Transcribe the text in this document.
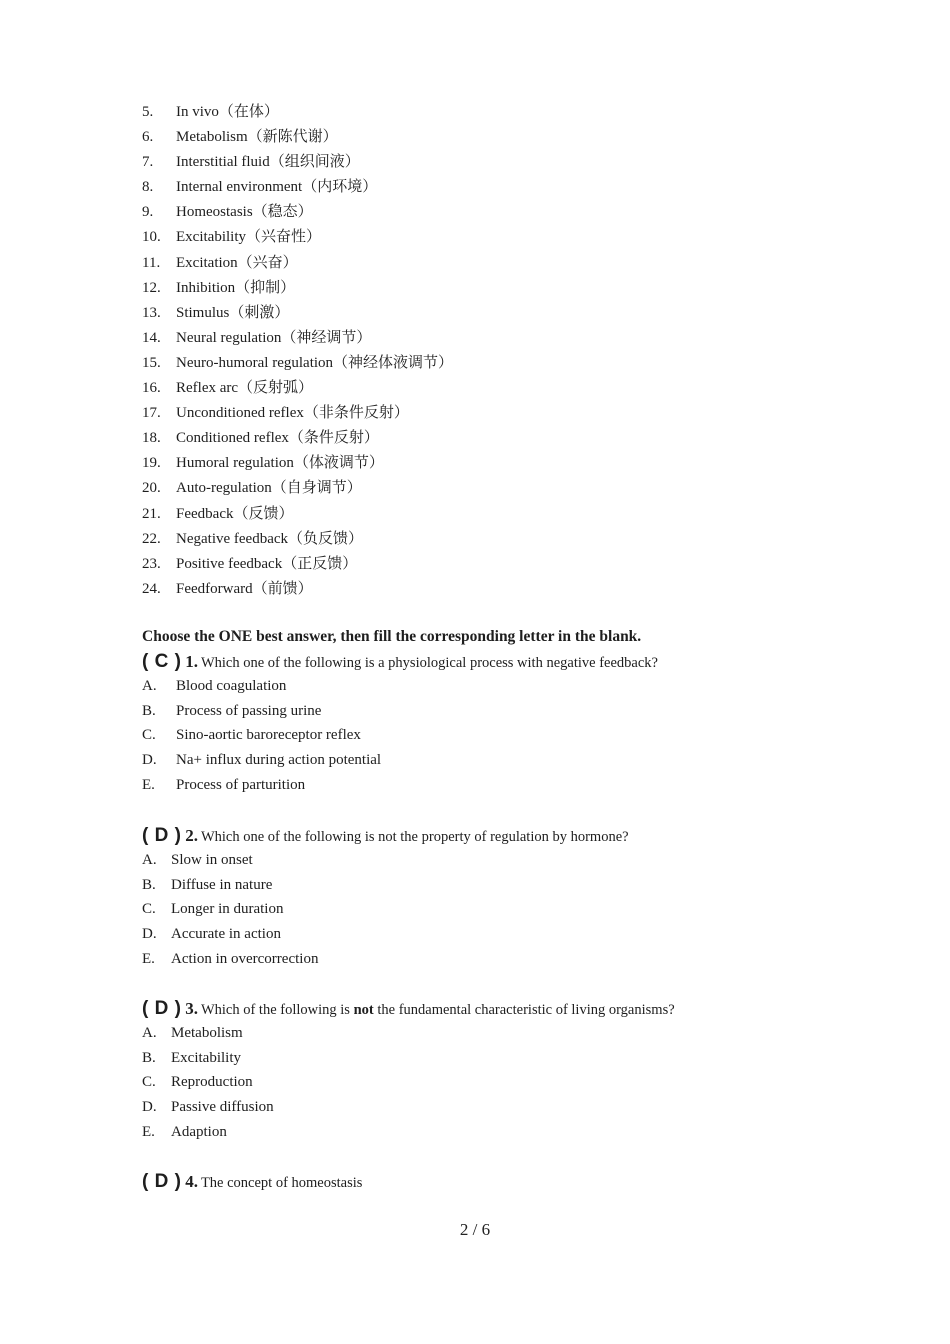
5. In vivo（在体）
6. Metabolism（新陈代谢）
7. Interstitial fluid（组织间液）
8. Internal environment（内环境）
9. Homeostasis（稳态）
10. Excitability（兴奋性）
11. Excitation（兴奋）
12. Inhibition（抑制）
13. Stimulus（刺激）
14. Neural regulation（神经调节）
15. Neuro-humoral regulation（神经体液调节）
16. Reflex arc（反射弧）
17. Unconditioned reflex（非条件反射）
18. Conditioned reflex（条件反射）
19. Humoral regulation（体液调节）
20. Auto-regulation（自身调节）
21. Feedback（反馈）
22. Negative feedback（负反馈）
23. Positive feedback（正反馈）
24. Feedforward（前馈）
Choose the ONE best answer, then fill the corresponding letter in the blank.
( C ) 1. Which one of the following is a physiological process with negative feedback?
A. Blood coagulation
B. Process of passing urine
C. Sino-aortic baroreceptor reflex
D. Na+ influx during action potential
E. Process of parturition
( D ) 2. Which one of the following is not the property of regulation by hormone?
A. Slow in onset
B. Diffuse in nature
C. Longer in duration
D. Accurate in action
E. Action in overcorrection
( D ) 3. Which of the following is not the fundamental characteristic of living organisms?
A. Metabolism
B. Excitability
C. Reproduction
D. Passive diffusion
E. Adaption
( D ) 4. The concept of homeostasis
2 / 6
